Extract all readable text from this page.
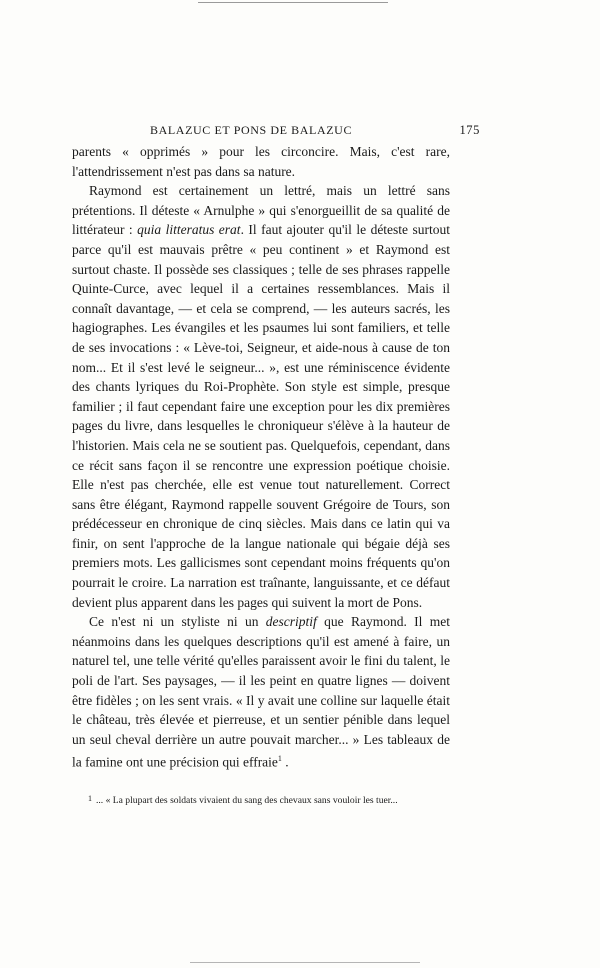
BALAZUC ET PONS DE BALAZUC	175

parents « opprimés » pour les circoncire. Mais, c'est rare, l'attendrissement n'est pas dans sa nature.

Raymond est certainement un lettré, mais un lettré sans prétentions. Il déteste « Arnulphe » qui s'enorgueillit de sa qualité de littérateur : quia litteratus erat. Il faut ajouter qu'il le déteste surtout parce qu'il est mauvais prêtre « peu continent » et Raymond est surtout chaste. Il possède ses classiques ; telle de ses phrases rappelle Quinte-Curce, avec lequel il a certaines ressemblances. Mais il connaît davantage, — et cela se comprend, — les auteurs sacrés, les hagiographes. Les évangiles et les psaumes lui sont familiers, et telle de ses invocations : « Lève-toi, Seigneur, et aide-nous à cause de ton nom... Et il s'est levé le seigneur... », est une réminiscence évidente des chants lyriques du Roi-Prophète. Son style est simple, presque familier ; il faut cependant faire une exception pour les dix premières pages du livre, dans lesquelles le chroniqueur s'élève à la hauteur de l'historien. Mais cela ne se soutient pas. Quelquefois, cependant, dans ce récit sans façon il se rencontre une expression poétique choisie. Elle n'est pas cherchée, elle est venue tout naturellement. Correct sans être élégant, Raymond rappelle souvent Grégoire de Tours, son prédécesseur en chronique de cinq siècles. Mais dans ce latin qui va finir, on sent l'approche de la langue nationale qui bégaie déjà ses premiers mots. Les gallicismes sont cependant moins fréquents qu'on pourrait le croire. La narration est traînante, languissante, et ce défaut devient plus apparent dans les pages qui suivent la mort de Pons.

Ce n'est ni un styliste ni un descriptif que Raymond. Il met néanmoins dans les quelques descriptions qu'il est amené à faire, un naturel tel, une telle vérité qu'elles paraissent avoir le fini du talent, le poli de l'art. Ses paysages, — il les peint en quatre lignes — doivent être fidèles ; on les sent vrais. « Il y avait une colline sur laquelle était le château, très élevée et pierreuse, et un sentier pénible dans lequel un seul cheval derrière un autre pouvait marcher... » Les tableaux de la famine ont une précision qui effraie$^1$ .

$^1$ ... « La plupart des soldats vivaient du sang des chevaux sans vouloir les tuer...
